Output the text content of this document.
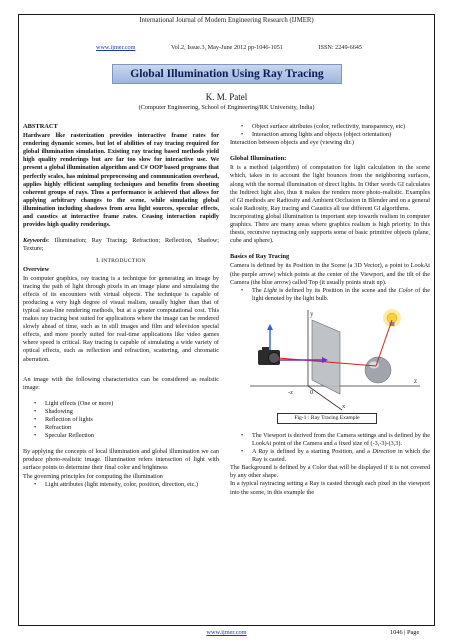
International Journal of Modern Engineering Research (IJMER)
www.ijmer.com	Vol.2, Issue.3, May-June 2012 pp-1046-1051	ISSN: 2249-6645
Global Illumination Using Ray Tracing
K. M. Patel
(Computer Engineering, School of Engineering/RK University, India)
ABSTRACT

Hardware like rasterization provides interactive frame rates for rendering dynamic scenes, but lot of abilities of ray tracing required for global illumination simulation. Existing ray tracing based methods yield high quality renderings but are far too slow for interactive use. We present a global illumination algorithm and C# OOP based programs that perfectly scales, has minimal preprocessing and communication overhead, applies highly efficient sampling techniques and benefits from shooting coherent groups of rays. Thus a performance is achieved that allows for applying arbitrary changes to the scene, while simulating global illumination including shadows from area light sources, specular effects, and caustics at interactive frame rates. Ceasing interaction rapidly provides high quality renderings.

Keywords: Illumination; Ray Tracing; Refraction; Reflection, Shadow; Texture;

I. INTRODUCTION
Overview

In computer graphics, ray tracing is a technique for generating an image by tracing the path of light through pixels in an image plane and simulating the effects of its encounters with virtual objects. The technique is capable of producing a very high degree of visual realism, usually higher than that of typical scan-line rendering methods, but at a greater computational cost. This makes ray tracing best suited for applications where the image can be rendered slowly ahead of time, such as in still images and film and television special effects, and more poorly suited for real-time applications like video games where speed is critical. Ray tracing is capable of simulating a wide variety of optical effects, such as reflection and refraction, scattering, and chromatic aberration.

An image with the following characteristics can be considered as realistic image:

• Light effects (One or more)
• Shadowing
• Reflection of lights
• Refraction
• Specular Reflection

By applying the concepts of local illumination and global illumination we can produce photo-realistic image. Illumination refers interaction of light with surface points to determine their final color and brightness

The governing principles for computing the illumination

• Light attributes (light intensity, color, position, direction, etc.)
• Object surface attributes (color, reflectivity, transparency, etc)
• Interaction among lights and objects (object orientation)

Interaction between objects and eye (viewing dir.)

Global Illumination:

It is a method (algorithm) of computation for light calculation in the scene which, takes in to account the light bounces from the neighboring surfaces, along with the normal illumination of direct lights. In Other words GI calculates the Indirect light also, thus it makes the renders more photo-realistic. Examples of GI methods are Radiosity and Ambient Occlusion in Blender and on a general scale Radiosity, Ray tracing and Caustics all use different GI algorithms.

Incorporating global illumination is important step towards realism in computer graphics. There are many areas where graphics realism is high priority. In this thesis, recursive raytracing only supports some of basic primitive objects (plane, cube and sphere).

Basics of Ray Tracing

Camera is defined by its Position in the Scene (a 3D Vector), a point to LookAt (the purple arrow) which points at the center of the Viewport, and the tilt of the Camera (the blue arrow) called Top (it usually points strait up).

• The Light is defined by its Position in the scene and the Color of the light denoted by the light bulb.
y
z
-z	0
x
Fig-1 : Ray Tracing Example
• The Viewport is derived from the Camera settings and is defined by the LookAt point of the Camera and a fixed size of (-3,-3)-(3,3).
• A Ray is defined by a starting Position, and a Direction in which the Ray is casted.

The Background is defined by a Color that will be displayed if it is not covered by any other shape.

In a typical raytracing setting a Ray is casted through each pixel in the viewport into the scene, in this example the

www.ijmer.com	1046 | Page
